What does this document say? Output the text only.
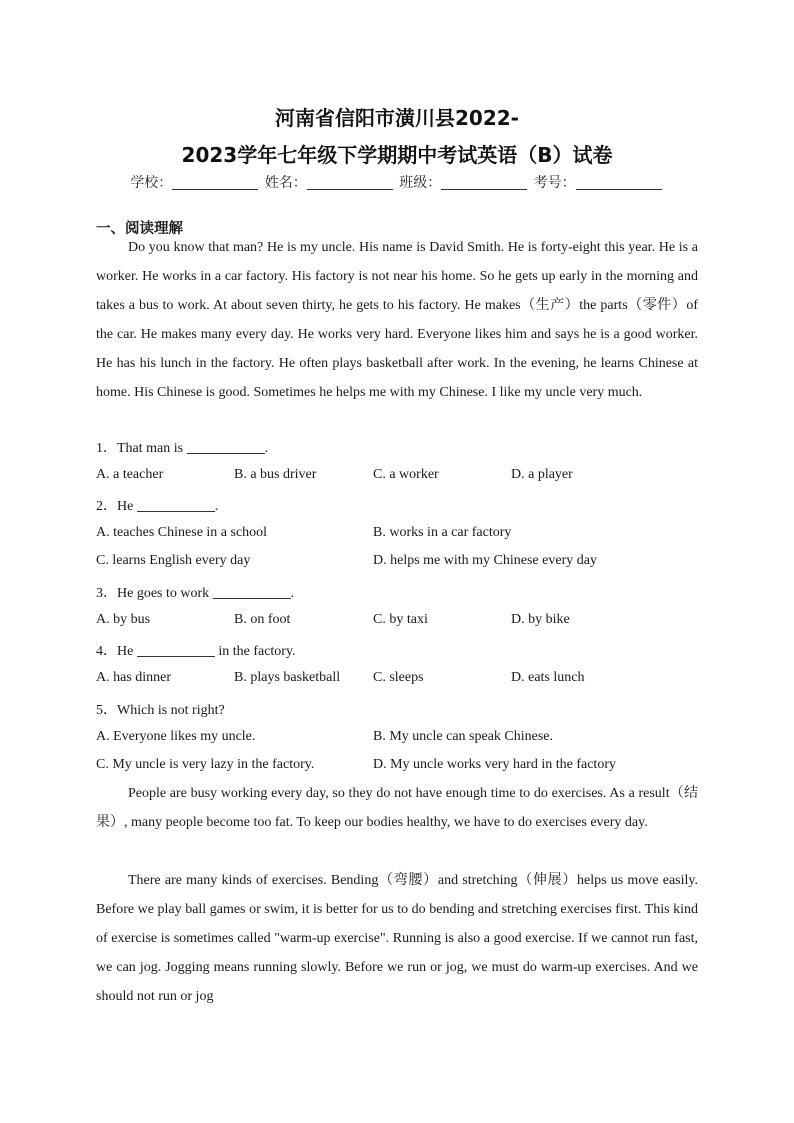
河南省信阳市潢川县2022-
2023学年七年级下学期期中考试英语（B）试卷
学校：	姓名：	班级：	考号：
一、阅读理解

Do you know that man? He is my uncle. His name is David Smith. He is forty-eight this year. He is a worker. He works in a car factory. His factory is not near his home. So he gets up early in the morning and takes a bus to work. At about seven thirty, he gets to his factory. He makes（生产）the parts（零件）of the car. He makes many every day. He works very hard. Everyone likes him and says he is a good worker. He has his lunch in the factory. He often plays basketball after work. In the evening, he learns Chinese at home. His Chinese is good. Sometimes he helps me with my Chinese. I like my uncle very much.

1．That man is	.
A. a teacher	B. a bus driver	C. a worker	D. a player
2．He	.
A. teaches Chinese in a school	B. works in a car factory
C. learns English every day	D. helps me with my Chinese every day
3．He goes to work	.
A. by bus	B. on foot	C. by taxi	D. by bike
4．He	in the factory.
A. has dinner	B. plays basketball C. sleeps	D. eats lunch
5．Which is not right?
A. Everyone likes my uncle.	B. My uncle can speak Chinese.
C. My uncle is very lazy in the factory.	D. My uncle works very hard in the factory

People are busy working every day, so they do not have enough time to do exercises. As a result（结果）, many people become too fat. To keep our bodies healthy, we have to do exercises every day.

There are many kinds of exercises. Bending（弯腰）and stretching（伸展）helps us move easily. Before we play ball games or swim, it is better for us to do bending and stretching exercises first. This kind of exercise is sometimes called "warm-up exercise". Running is also a good exercise. If we cannot run fast, we can jog. Jogging means running slowly. Before we run or jog, we must do warm-up exercises. And we should not run or jog
